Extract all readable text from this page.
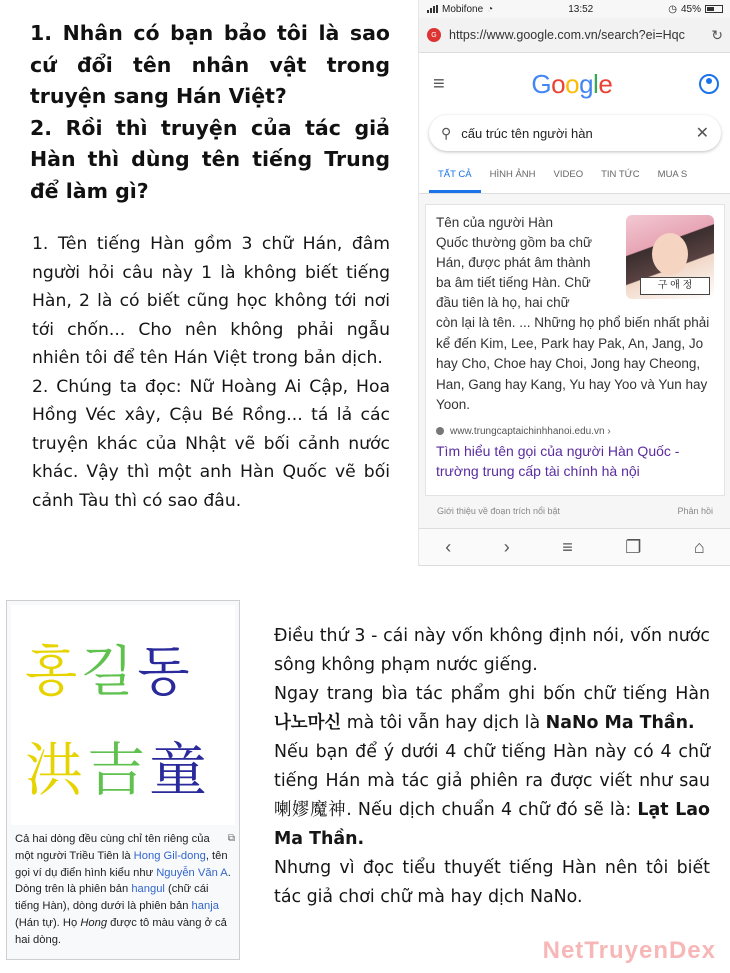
1. Nhân có bạn bảo tôi là sao cứ đổi tên nhân vật trong truyện sang Hán Việt?

2. Rồi thì truyện của tác giả Hàn thì dùng tên tiếng Trung để làm gì?

1. Tên tiếng Hàn gồm 3 chữ Hán, đâm người hỏi câu này 1 là không biết tiếng Hàn, 2 là có biết cũng học không tới nơi tới chốn... Cho nên không phải ngẫu nhiên tôi để tên Hán Việt trong bản dịch.

2. Chúng ta đọc: Nữ Hoàng Ai Cập, Hoa Hồng Véc xây, Cậu Bé Rồng... tá lả các truyện khác của Nhật vẽ bối cảnh nước khác. Vậy thì một anh Hàn Quốc vẽ bối cảnh Tàu thì có sao đâu.

Mobifone ◔	13:52	◷ 45%
G https://www.google.com.vn/search?ei=Hqc	↻
≡	Google
⚲ cấu trúc tên người hàn	✕
TẤT CẢ	HÌNH ẢNH	VIDEO	TIN TỨC	MUA S
구 애 정
Tên của người Hàn
Quốc thường gồm ba chữ
Hán, được phát âm thành
ba âm tiết tiếng Hàn. Chữ
đầu tiên là họ, hai chữ
còn lại là tên. ... Những họ phổ biến nhất phải kể đến Kim, Lee, Park hay Pak, An, Jang, Jo hay Cho, Choe hay Choi, Jong hay Cheong, Han, Gang hay Kang, Yu hay Yoo và Yun hay Yoon.
www.trungcaptaichinhhanoi.edu.vn ›
Tìm hiểu tên gọi của người Hàn Quốc - trường trung cấp tài chính hà nội
Giới thiệu về đoạn trích nổi bật	Phản hồi
‹	›	≡	❐	⌂
홍길동
洪吉童
⧉
Cả hai dòng đều cùng chỉ tên riêng của một người Triều Tiên là Hong Gil-dong, tên gọi ví dụ điển hình kiểu như Nguyễn Văn A. Dòng trên là phiên bản hangul (chữ cái tiếng Hàn), dòng dưới là phiên bản hanja (Hán tự). Họ Hong được tô màu vàng ở cả hai dòng.

Điều thứ 3 - cái này vốn không định nói, vốn nước sông không phạm nước giếng.

Ngay trang bìa tác phẩm ghi bốn chữ tiếng Hàn 나노마신 mà tôi vẫn hay dịch là NaNo Ma Thần.

Nếu bạn để ý dưới 4 chữ tiếng Hàn này có 4 chữ tiếng Hán mà tác giả phiên ra được viết như sau 喇嫪魔神. Nếu dịch chuẩn 4 chữ đó sẽ là: Lạt Lao Ma Thần.

Nhưng vì đọc tiểu thuyết tiếng Hàn nên tôi biết tác giả chơi chữ mà hay dịch NaNo.

NetTruyenDex
